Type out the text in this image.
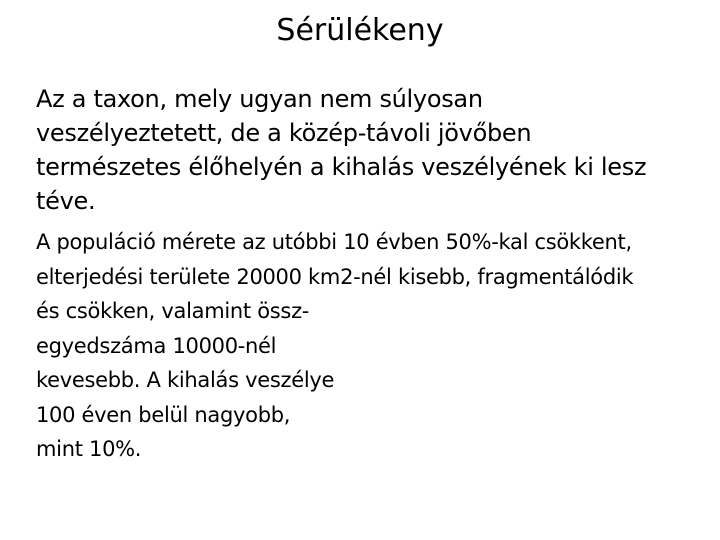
Sérülékeny
Az a taxon, mely ugyan nem súlyosan
veszélyeztetett, de a közép-távoli jövőben
természetes élőhelyén a kihalás veszélyének ki lesz
téve.
A populáció mérete az utóbbi 10 évben 50%-kal csökkent,
elterjedési területe 20000 km2-nél kisebb, fragmentálódik
és csökken, valamint össz-
egyedszáma 10000-nél
kevesebb. A kihalás veszélye
100 éven belül nagyobb,
mint 10%.
